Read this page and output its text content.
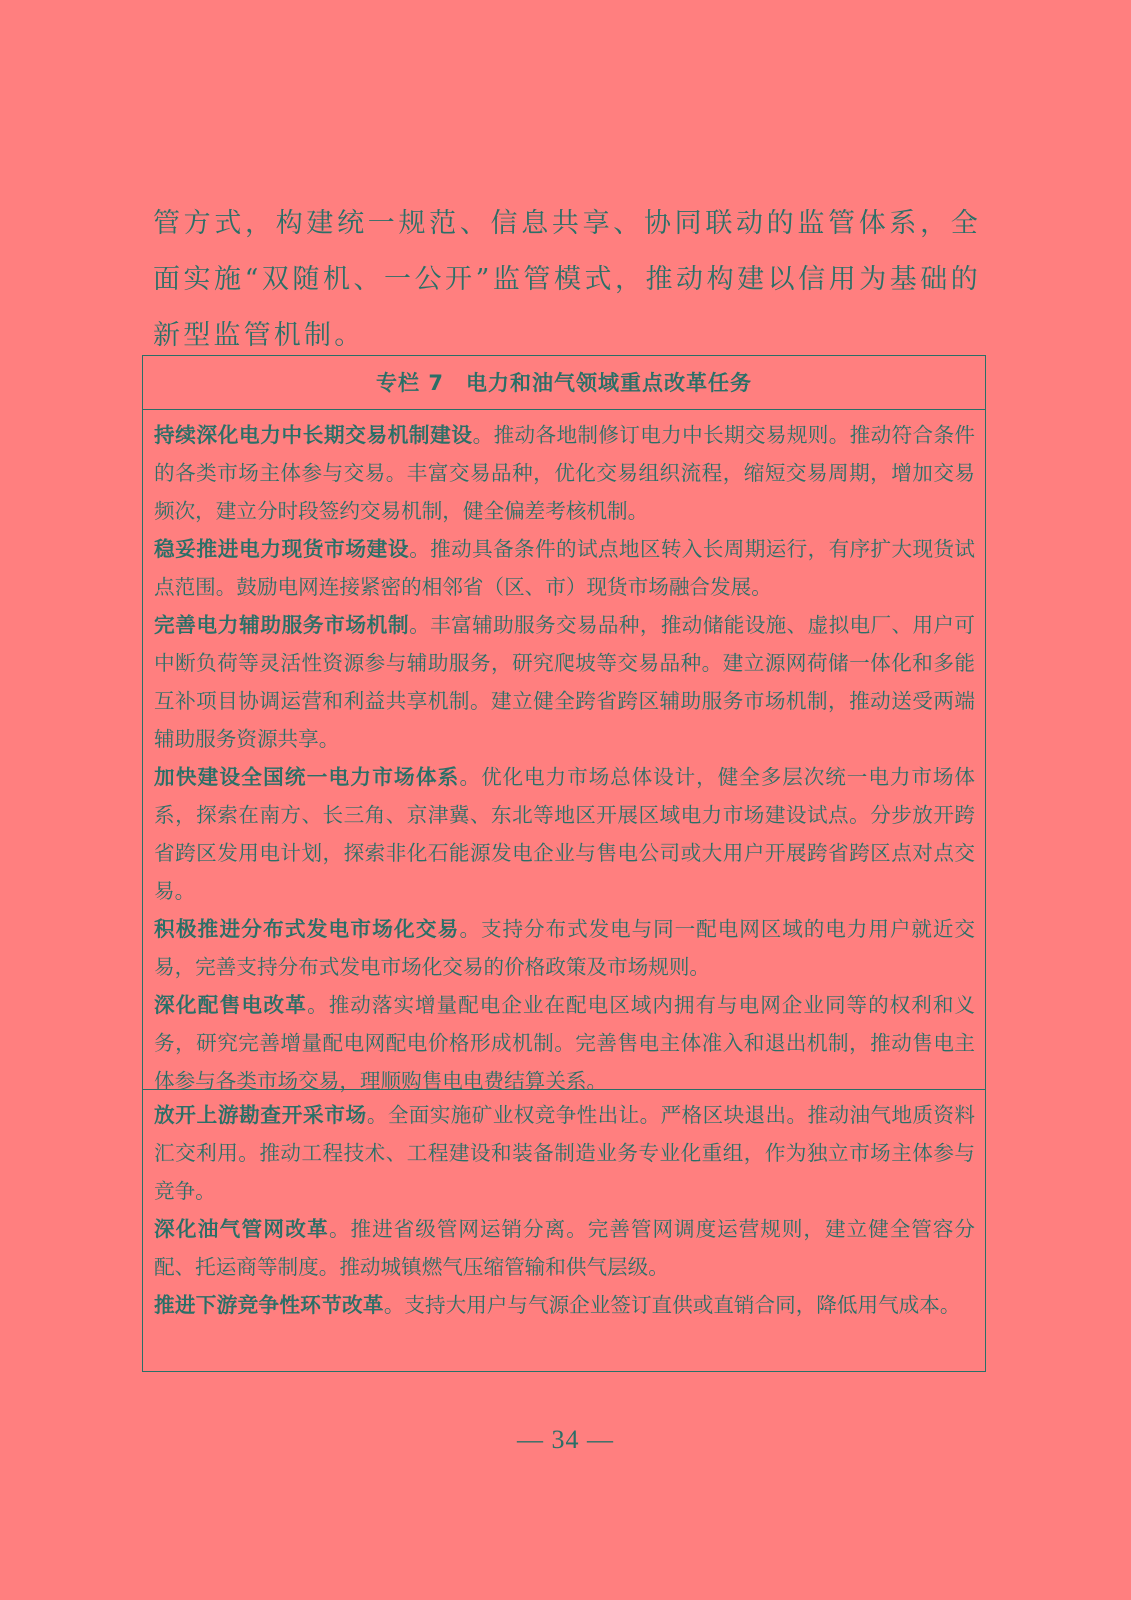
管方式，构建统一规范、信息共享、协同联动的监管体系，全面实施“双随机、一公开”监管模式，推动构建以信用为基础的新型监管机制。
专栏 7 电力和油气领域重点改革任务

持续深化电力中长期交易机制建设。推动各地制修订电力中长期交易规则。推动符合条件的各类市场主体参与交易。丰富交易品种，优化交易组织流程，缩短交易周期，增加交易频次，建立分时段签约交易机制，健全偏差考核机制。

稳妥推进电力现货市场建设。推动具备条件的试点地区转入长周期运行，有序扩大现货试点范围。鼓励电网连接紧密的相邻省（区、市）现货市场融合发展。

完善电力辅助服务市场机制。丰富辅助服务交易品种，推动储能设施、虚拟电厂、用户可中断负荷等灵活性资源参与辅助服务，研究爬坡等交易品种。建立源网荷储一体化和多能互补项目协调运营和利益共享机制。建立健全跨省跨区辅助服务市场机制，推动送受两端辅助服务资源共享。

加快建设全国统一电力市场体系。优化电力市场总体设计，健全多层次统一电力市场体系，探索在南方、长三角、京津冀、东北等地区开展区域电力市场建设试点。分步放开跨省跨区发用电计划，探索非化石能源发电企业与售电公司或大用户开展跨省跨区点对点交易。

积极推进分布式发电市场化交易。支持分布式发电与同一配电网区域的电力用户就近交易，完善支持分布式发电市场化交易的价格政策及市场规则。

深化配售电改革。推动落实增量配电企业在配电区域内拥有与电网企业同等的权利和义务，研究完善增量配电网配电价格形成机制。完善售电主体准入和退出机制，推动售电主体参与各类市场交易，理顺购售电电费结算关系。

放开上游勘查开采市场。全面实施矿业权竞争性出让。严格区块退出。推动油气地质资料汇交利用。推动工程技术、工程建设和装备制造业务专业化重组，作为独立市场主体参与竞争。

深化油气管网改革。推进省级管网运销分离。完善管网调度运营规则，建立健全管容分配、托运商等制度。推动城镇燃气压缩管输和供气层级。

推进下游竞争性环节改革。支持大用户与气源企业签订直供或直销合同，降低用气成本。

— 34 —
